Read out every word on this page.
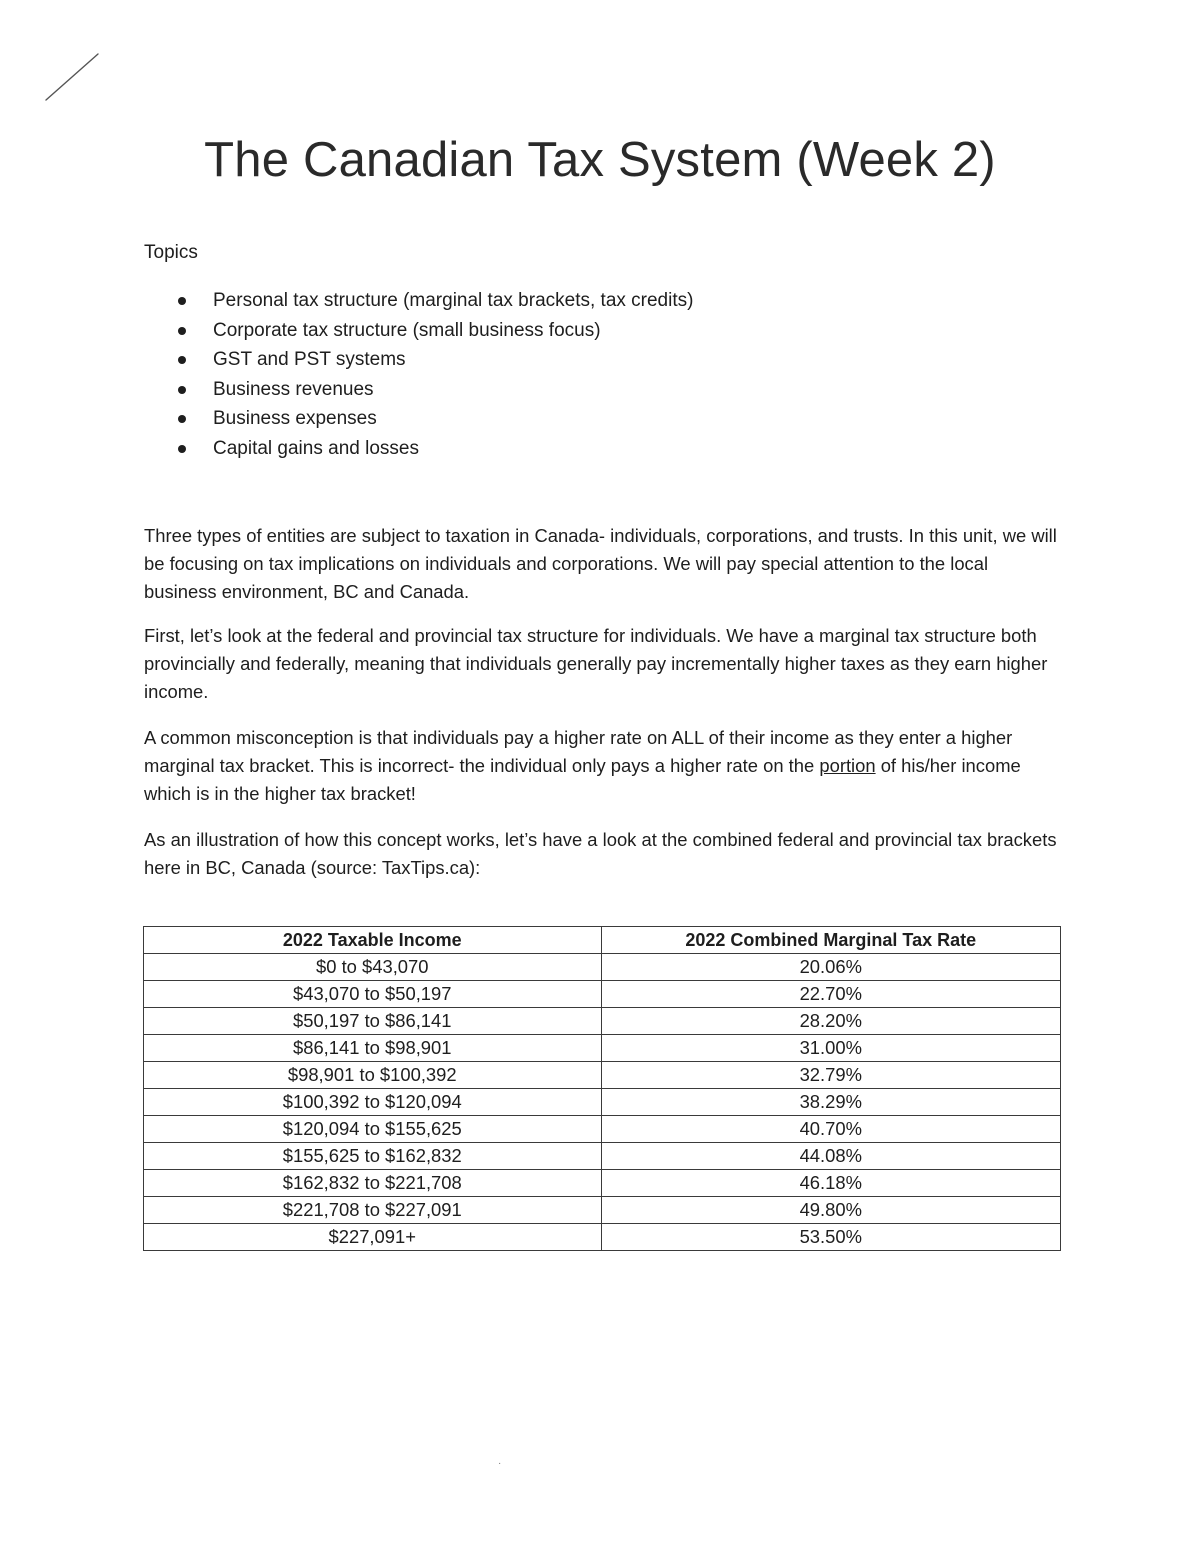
The Canadian Tax System (Week 2)

Topics

Personal tax structure (marginal tax brackets, tax credits)
Corporate tax structure (small business focus)
GST and PST systems
Business revenues
Business expenses
Capital gains and losses

Three types of entities are subject to taxation in Canada- individuals, corporations, and trusts. In this unit, we will be focusing on tax implications on individuals and corporations. We will pay special attention to the local business environment, BC and Canada.

First, let’s look at the federal and provincial tax structure for individuals. We have a marginal tax structure both provincially and federally, meaning that individuals generally pay incrementally higher taxes as they earn higher income.

A common misconception is that individuals pay a higher rate on ALL of their income as they enter a higher marginal tax bracket. This is incorrect- the individual only pays a higher rate on the portion of his/her income which is in the higher tax bracket!

As an illustration of how this concept works, let’s have a look at the combined federal and provincial tax brackets here in BC, Canada (source: TaxTips.ca):

2022 Taxable Income	2022 Combined Marginal Tax Rate
$0 to $43,070	20.06%
$43,070 to $50,197	22.70%
$50,197 to $86,141	28.20%
$86,141 to $98,901	31.00%
$98,901 to $100,392	32.79%
$100,392 to $120,094	38.29%
$120,094 to $155,625	40.70%
$155,625 to $162,832	44.08%
$162,832 to $221,708	46.18%
$221,708 to $227,091	49.80%
$227,091+	53.50%
·
